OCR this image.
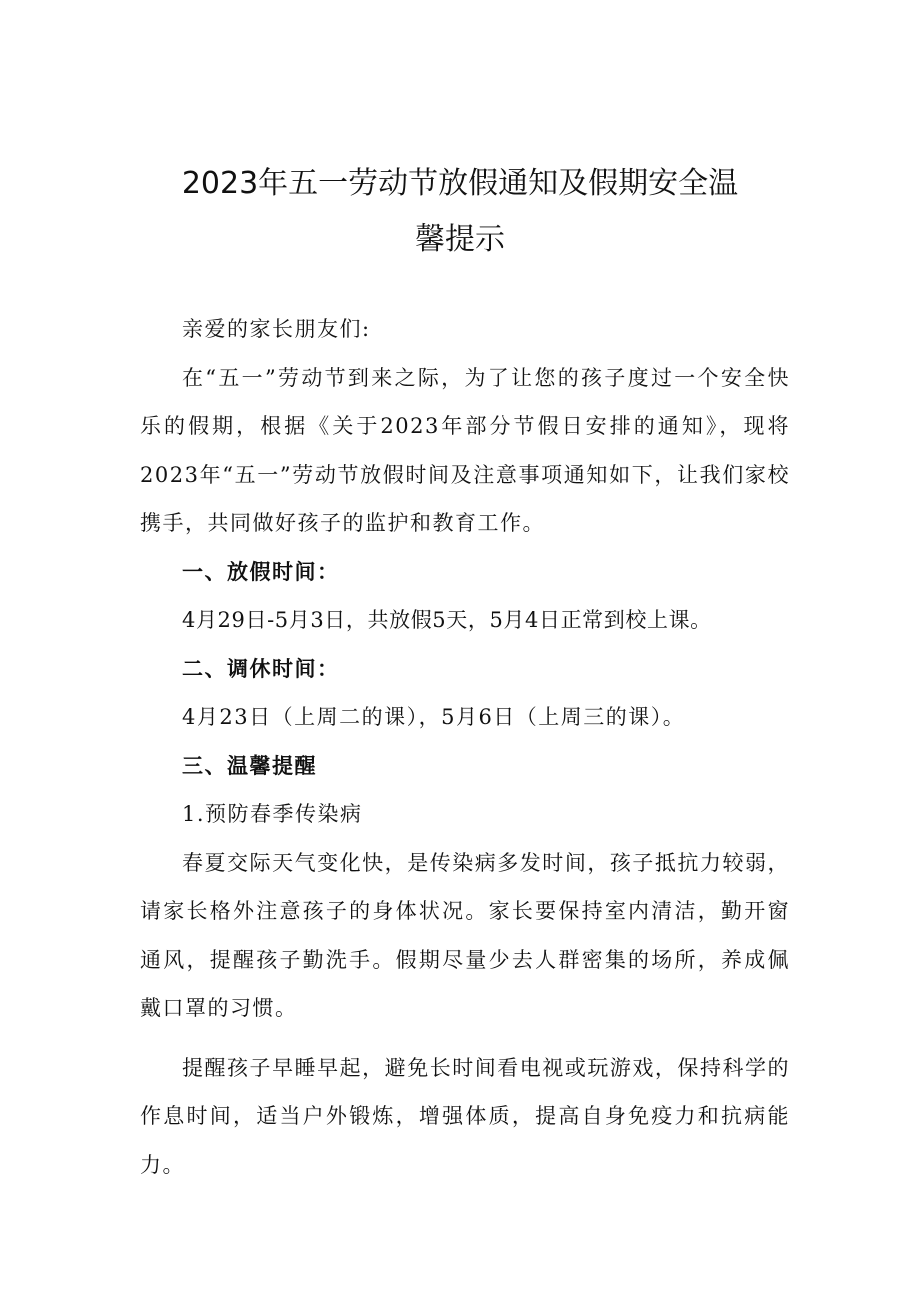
2023年五一劳动节放假通知及假期安全温
馨提示

亲爱的家长朋友们:

在“五一”劳动节到来之际，为了让您的孩子度过一个安全快乐的假期，根据《关于2023年部分节假日安排的通知》，现将2023年“五一”劳动节放假时间及注意事项通知如下，让我们家校携手，共同做好孩子的监护和教育工作。

一、放假时间：

4月29日-5月3日，共放假5天，5月4日正常到校上课。

二、调休时间：

4月23日（上周二的课），5月6日（上周三的课）。

三、温馨提醒

1.预防春季传染病

春夏交际天气变化快，是传染病多发时间，孩子抵抗力较弱，请家长格外注意孩子的身体状况。家长要保持室内清洁，勤开窗通风，提醒孩子勤洗手。假期尽量少去人群密集的场所，养成佩戴口罩的习惯。

提醒孩子早睡早起，避免长时间看电视或玩游戏，保持科学的作息时间，适当户外锻炼，增强体质，提高自身免疫力和抗病能力。
